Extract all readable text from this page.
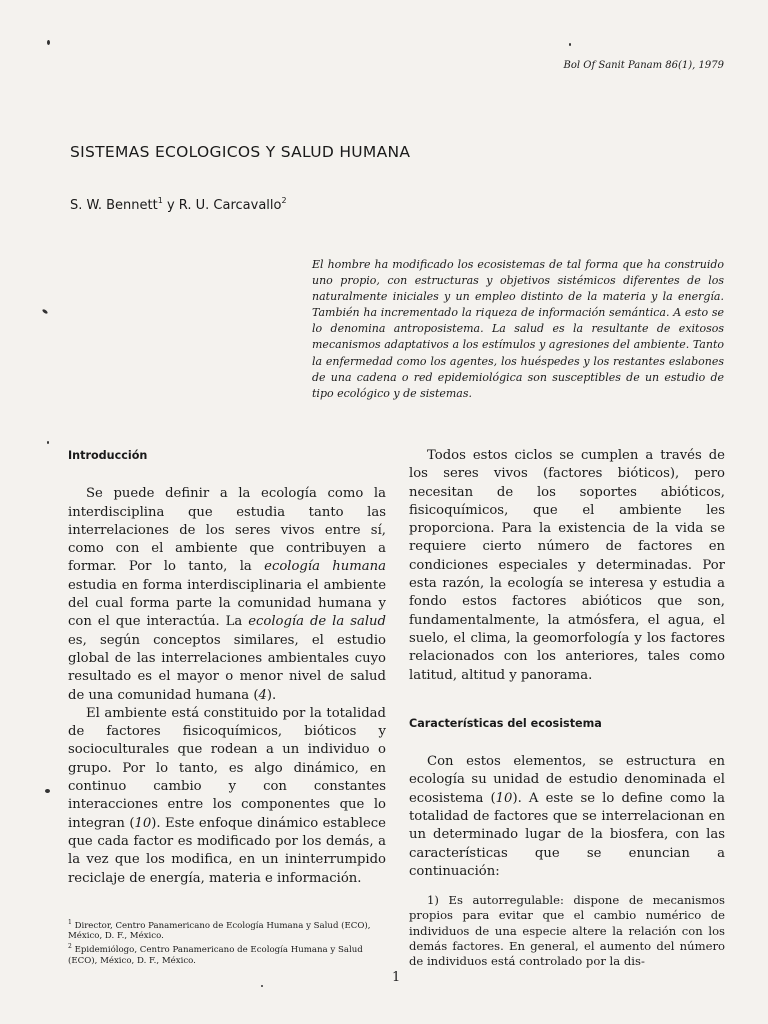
Bol Of Sanit Panam 86(1), 1979
SISTEMAS ECOLOGICOS Y SALUD HUMANA
S. W. Bennett$^1$ y R. U. Carcavallo$^2$
El hombre ha modificado los ecosistemas de tal forma que ha construido uno propio, con estructuras y objetivos sistémicos diferentes de los naturalmente iniciales y un empleo distinto de la materia y la energía. También ha incrementado la riqueza de información semántica. A esto se lo denomina antroposistema. La salud es la resultante de exitosos mecanismos adaptativos a los estímulos y agresiones del ambiente. Tanto la enfermedad como los agentes, los huéspedes y los restantes eslabones de una cadena o red epidemiológica son susceptibles de un estudio de tipo ecológico y de sistemas.

Introducción

Se puede definir a la ecología como la interdisciplina que estudia tanto las interrelaciones de los seres vivos entre sí, como con el ambiente que contribuyen a formar. Por lo tanto, la ecología humana estudia en forma interdisciplinaria el ambiente del cual forma parte la comunidad humana y con el que interactúa. La ecología de la salud es, según conceptos similares, el estudio global de las interrelaciones ambientales cuyo resultado es el mayor o menor nivel de salud de una comunidad humana (4).

El ambiente está constituido por la totalidad de factores fisicoquímicos, bióticos y socioculturales que rodean a un individuo o grupo. Por lo tanto, es algo dinámico, en continuo cambio y con constantes interacciones entre los componentes que lo integran (10). Este enfoque dinámico establece que cada factor es modificado por los demás, a la vez que los modifica, en un ininterrumpido reciclaje de energía, materia e información.

$^1$ Director, Centro Panamericano de Ecología Humana y Salud (ECO), México, D. F., México.

$^2$ Epidemiólogo, Centro Panamericano de Ecología Humana y Salud (ECO), México, D. F., México.

Todos estos ciclos se cumplen a través de los seres vivos (factores bióticos), pero necesitan de los soportes abióticos, fisicoquímicos, que el ambiente les proporciona. Para la existencia de la vida se requiere cierto número de factores en condiciones especiales y determinadas. Por esta razón, la ecología se interesa y estudia a fondo estos factores abióticos que son, fundamentalmente, la atmósfera, el agua, el suelo, el clima, la geomorfología y los factores relacionados con los anteriores, tales como latitud, altitud y panorama.

Características del ecosistema

Con estos elementos, se estructura en ecología su unidad de estudio denominada el ecosistema (10). A este se lo define como la totalidad de factores que se interrelacionan en un determinado lugar de la biosfera, con las características que se enuncian a continuación:

1) Es autorregulable: dispone de mecanismos propios para evitar que el cambio numérico de individuos de una especie altere la relación con los demás factores. En general, el aumento del número de individuos está controlado por la dis-

1
